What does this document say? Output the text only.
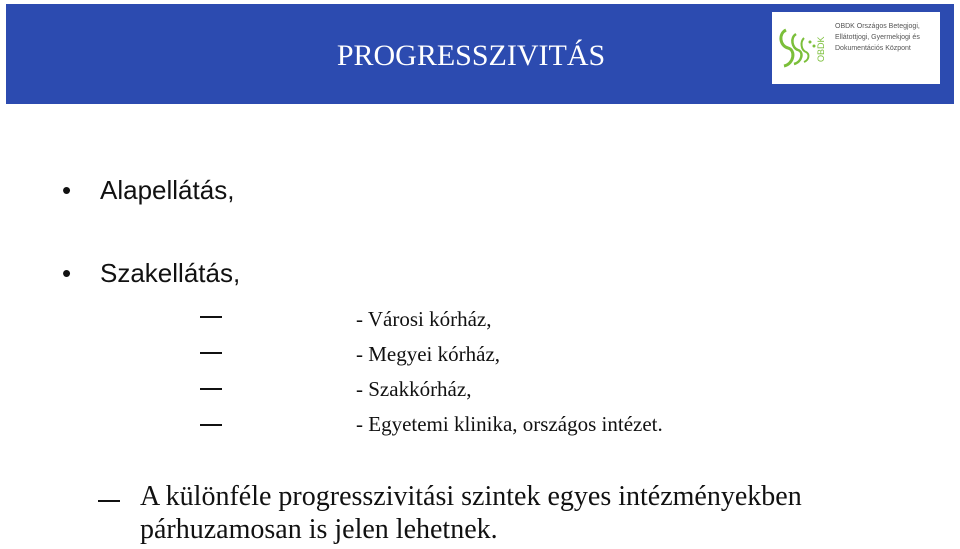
PROGRESSZIVITÁS	OBDK
OBDK Országos Betegjogi,
Ellátottjogi, Gyermekjogi és
Dokumentációs Központ
• Alapellátás,
• Szakellátás,
- Városi kórház,
- Megyei kórház,
- Szakkórház,
- Egyetemi klinika, országos intézet.
A különféle progresszivitási szintek egyes intézményekben
párhuzamosan is jelen lehetnek.
